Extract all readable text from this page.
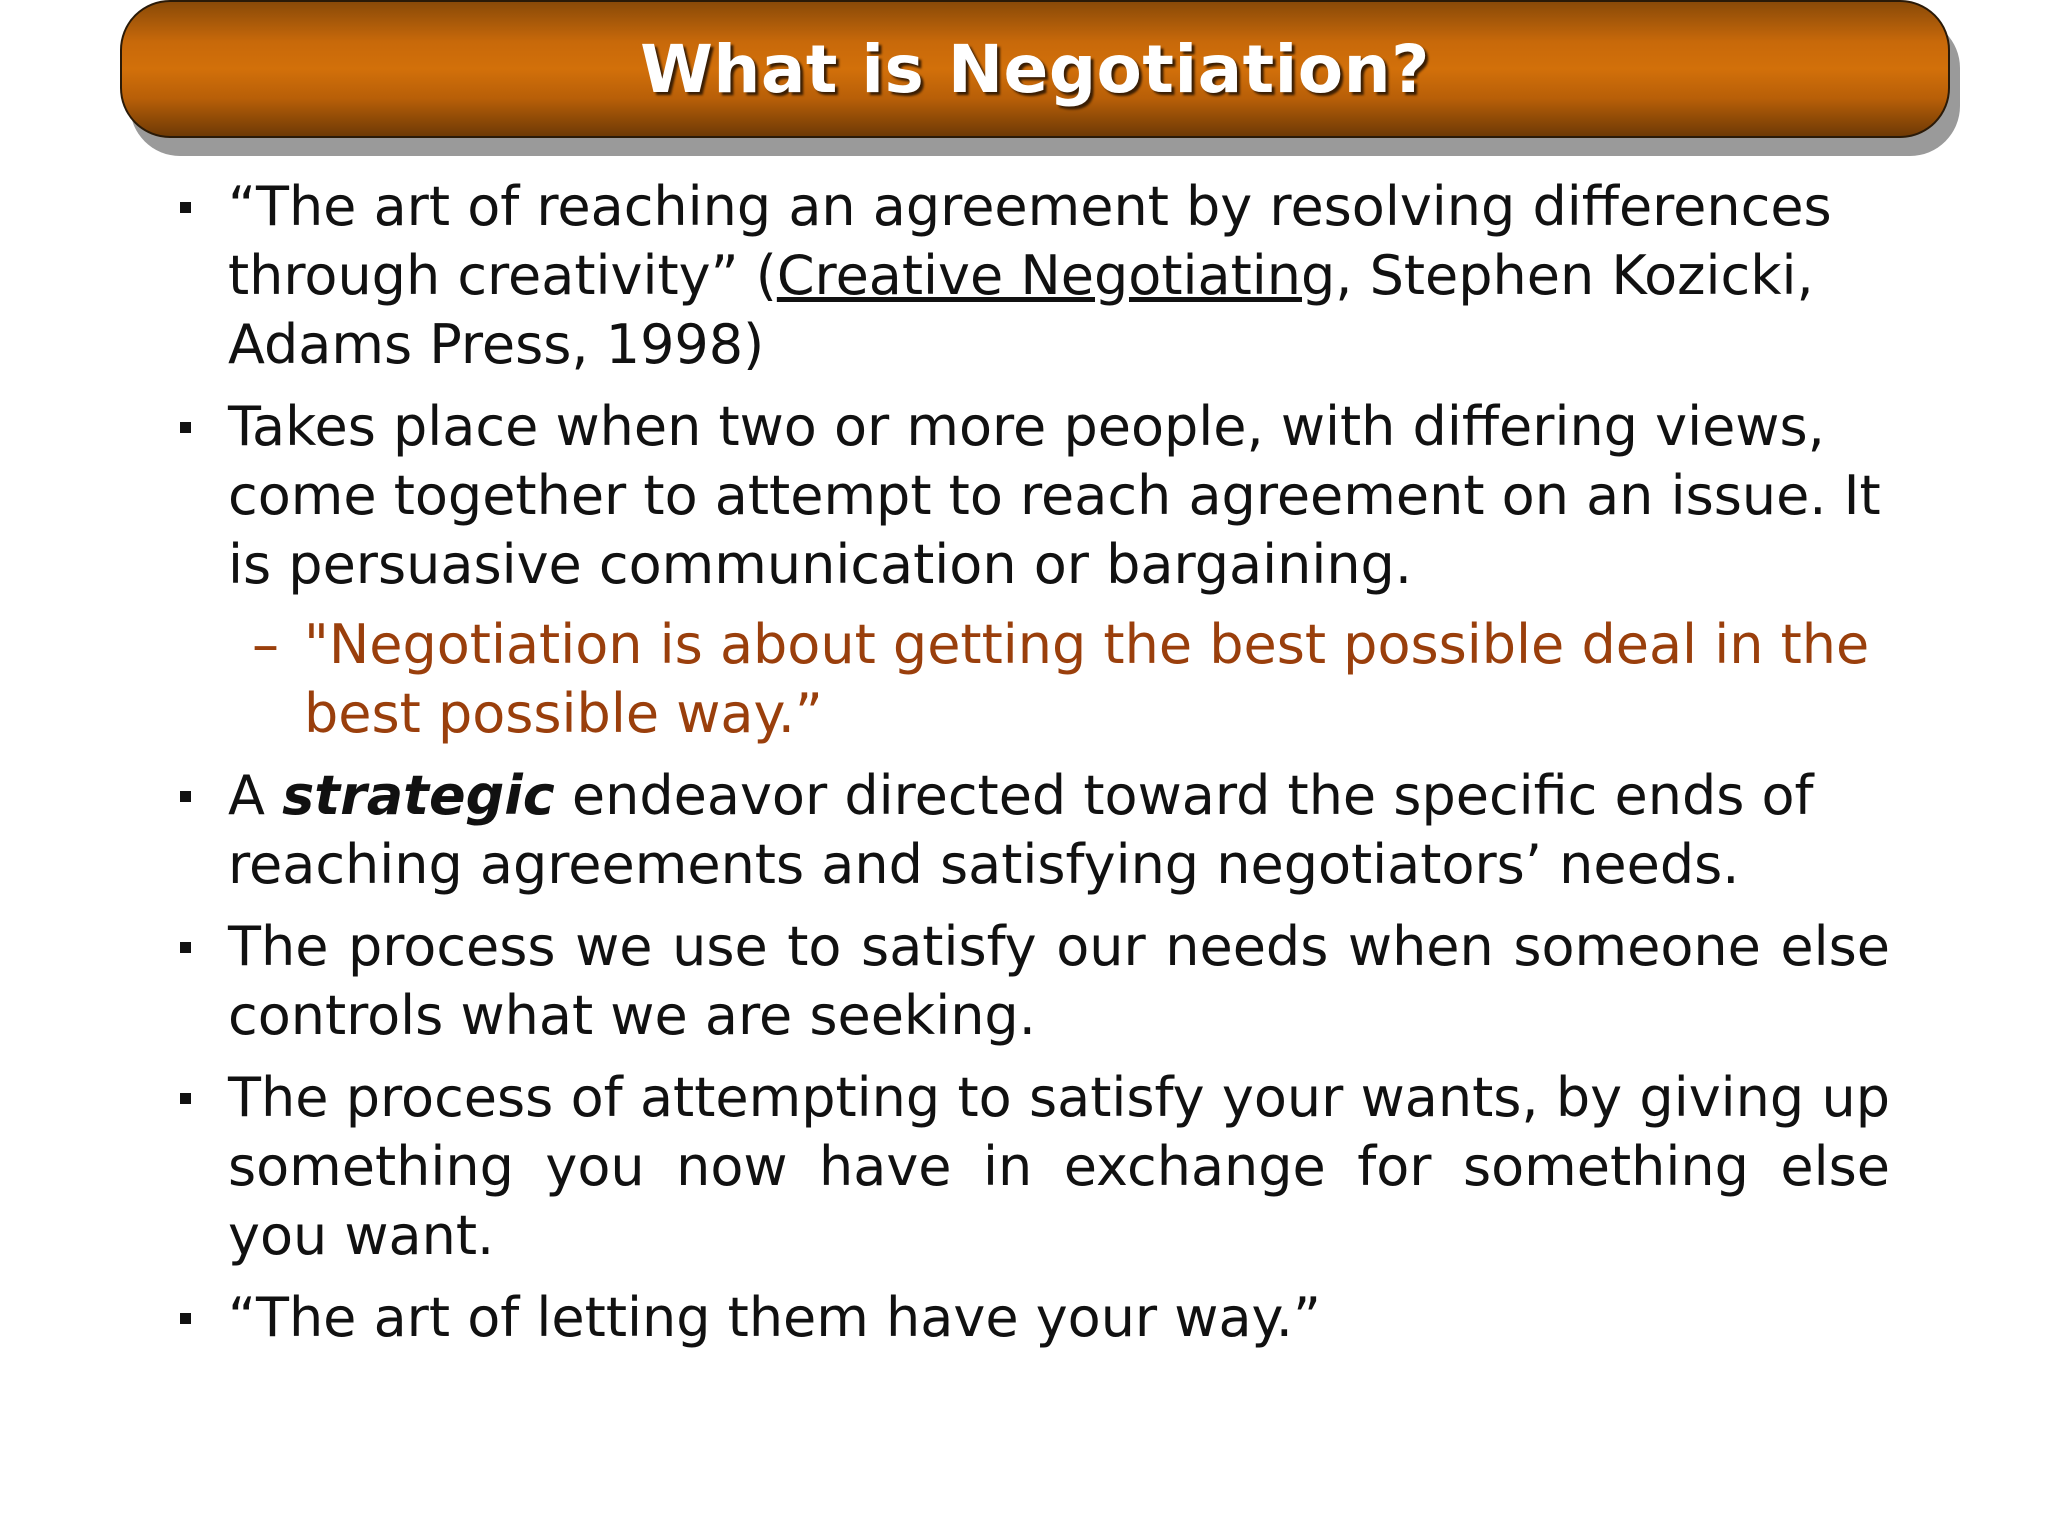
What is Negotiation?
“The art of reaching an agreement by resolving differences through creativity” (Creative Negotiating, Stephen Kozicki, Adams Press, 1998)
Takes place when two or more people, with differing views, come together to attempt to reach agreement on an issue. It is persuasive communication or bargaining.
– "Negotiation is about getting the best possible deal in the best possible way.”
A strategic endeavor directed toward the specific ends of reaching agreements and satisfying negotiators’ needs.
The process we use to satisfy our needs when someone else controls what we are seeking.
The process of attempting to satisfy your wants, by giving up something you now have in exchange for something else you want.
“The art of letting them have your way.”
